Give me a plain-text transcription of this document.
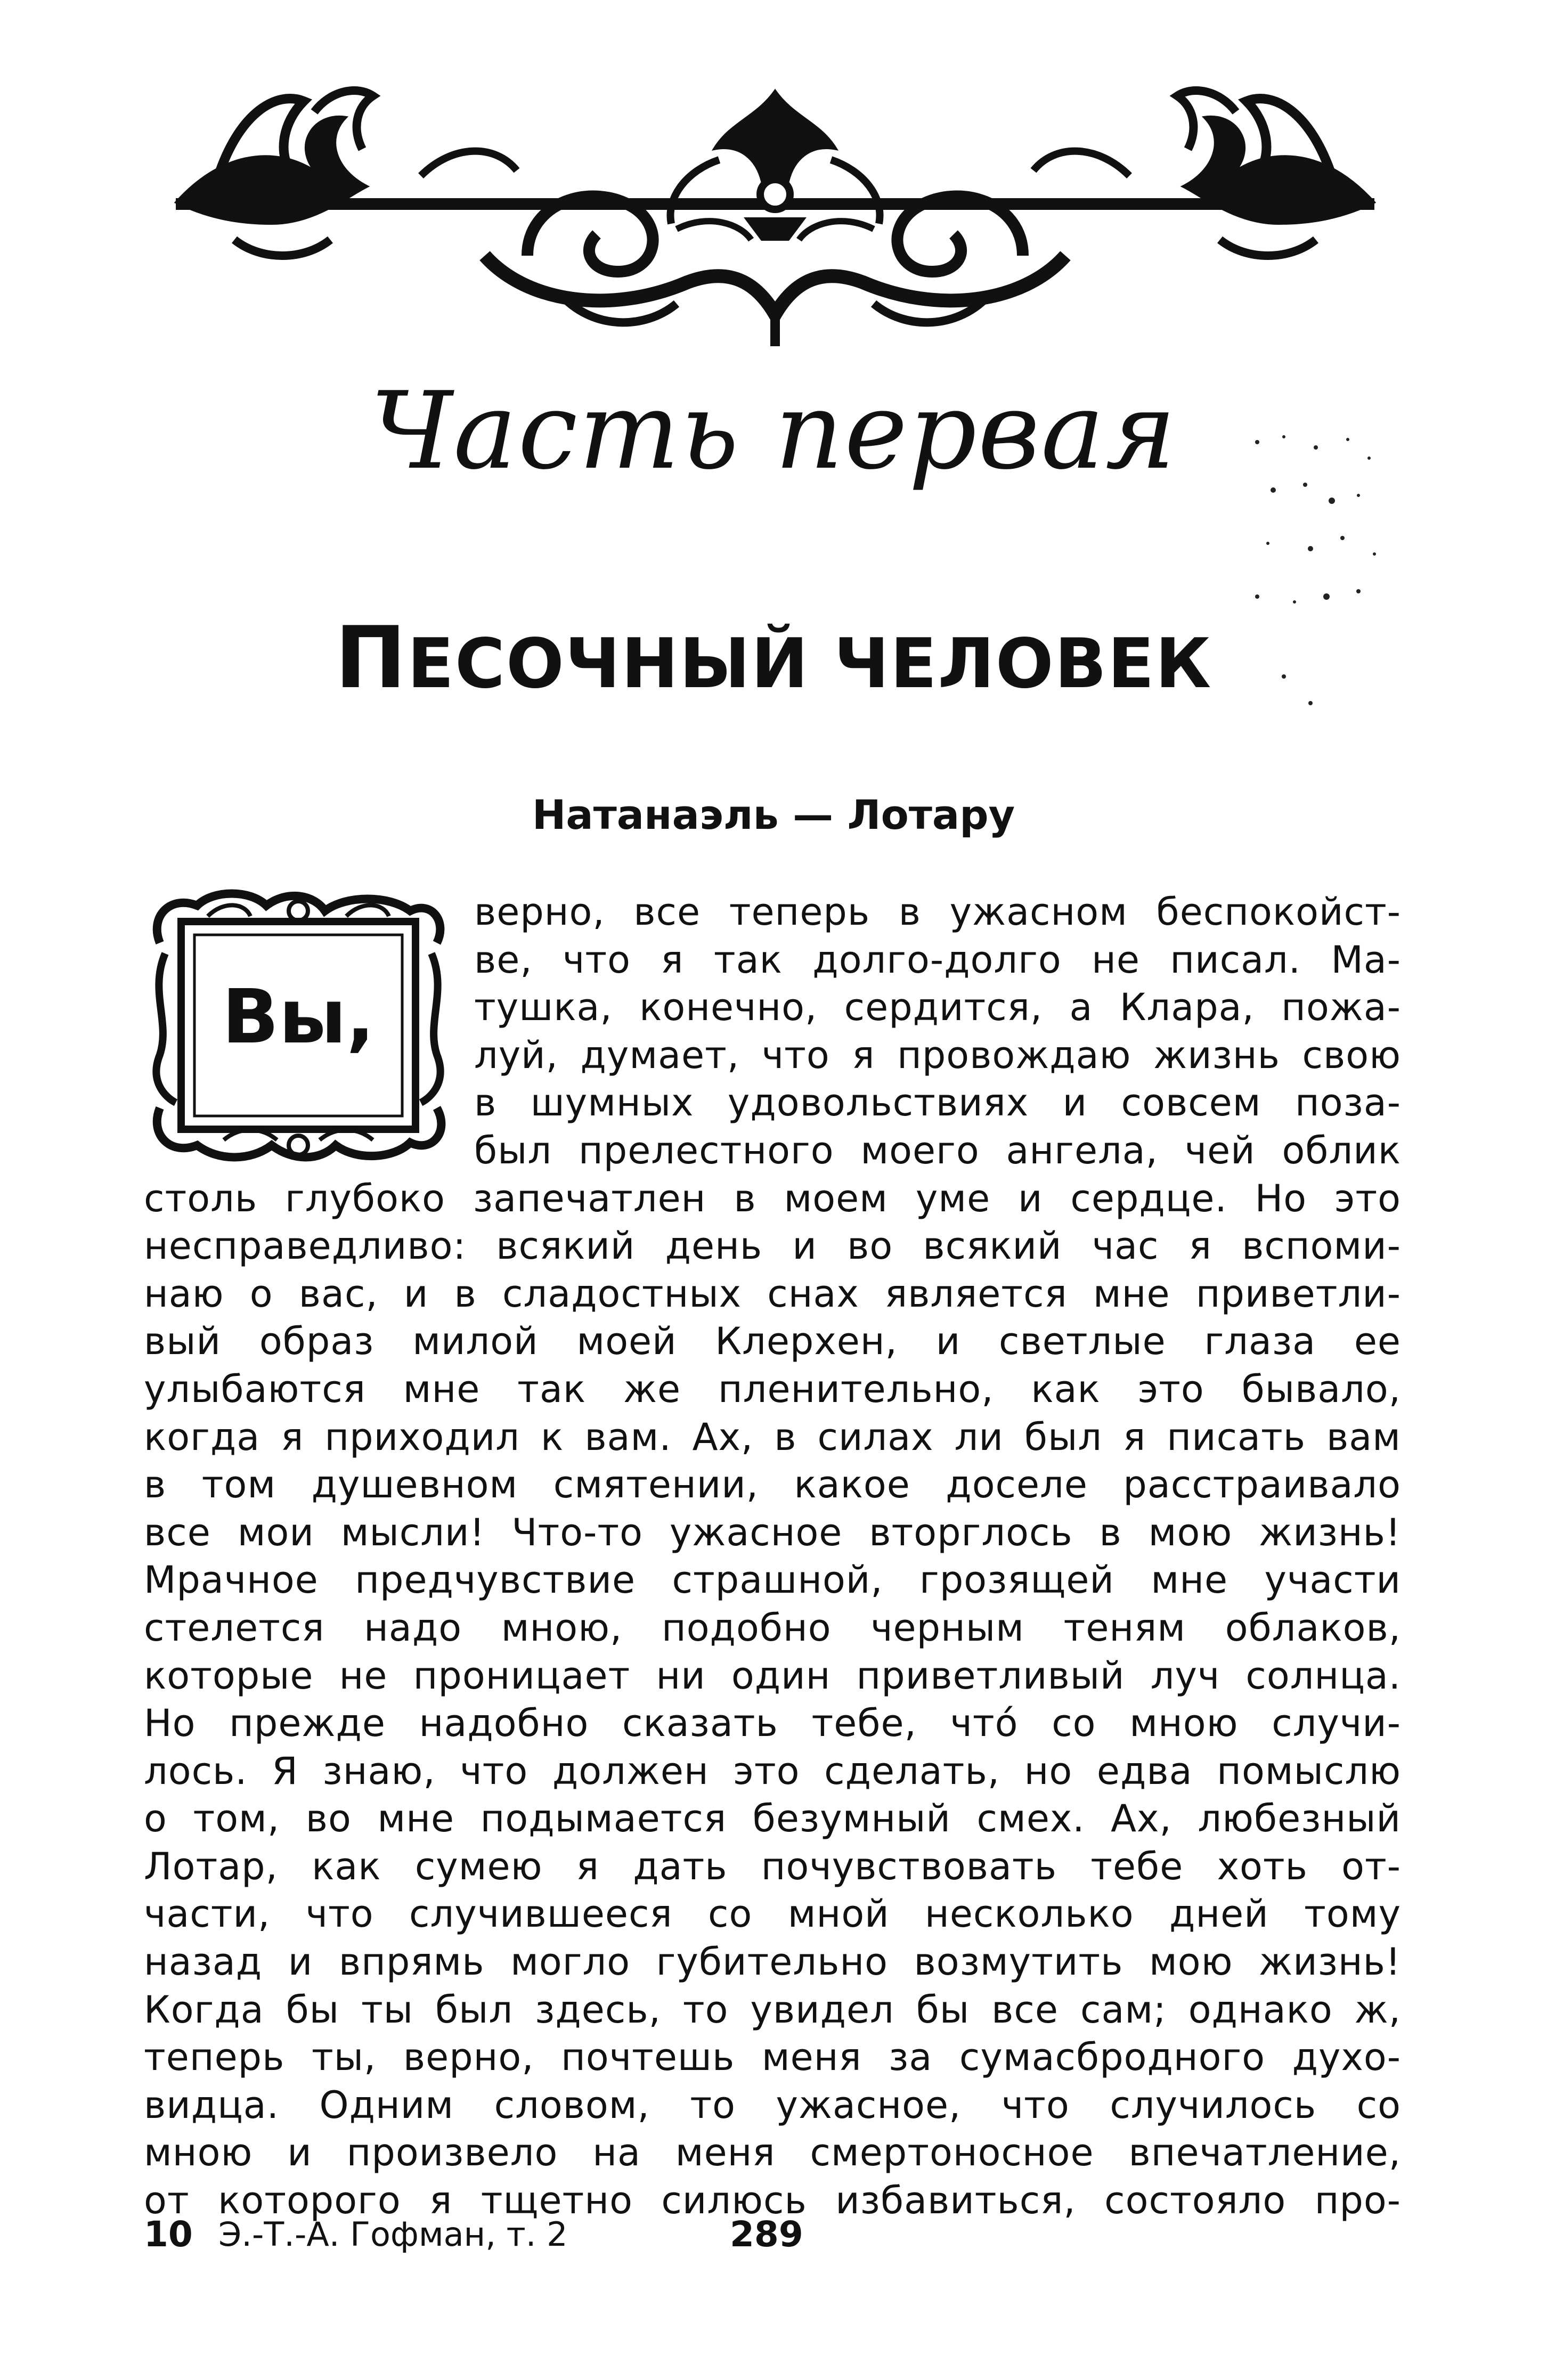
Часть первая
ПЕСОЧНЫЙ ЧЕЛОВЕК
Натанаэль — Лотару
Вы,
верно, все теперь в ужасном беспокойст-
ве, что я так долго-долго не писал. Ма-
тушка, конечно, сердится, а Клара, пожа-
луй, думает, что я провождаю жизнь свою
в шумных удовольствиях и совсем поза-
был прелестного моего ангела, чей облик
столь глубоко запечатлен в моем уме и сердце. Но это
несправедливо: всякий день и во всякий час я вспоми-
наю о вас, и в сладостных снах является мне приветли-
вый образ милой моей Клерхен, и светлые глаза ее
улыбаются мне так же пленительно, как это бывало,
когда я приходил к вам. Ах, в силах ли был я писать вам
в том душевном смятении, какое доселе расстраивало
все мои мысли! Что-то ужасное вторглось в мою жизнь!
Мрачное предчувствие страшной, грозящей мне участи
стелется надо мною, подобно черным теням облаков,
которые не проницает ни один приветливый луч солнца.
Но прежде надобно сказать тебе, что́ со мною случи-
лось. Я знаю, что должен это сделать, но едва помыслю
о том, во мне подымается безумный смех. Ах, любезный
Лотар, как сумею я дать почувствовать тебе хоть от-
части, что случившееся со мной несколько дней тому
назад и впрямь могло губительно возмутить мою жизнь!
Когда бы ты был здесь, то увидел бы все сам; однако ж,
теперь ты, верно, почтешь меня за сумасбродного духо-
видца. Одним словом, то ужасное, что случилось со
мною и произвело на меня смертоносное впечатление,
от которого я тщетно силюсь избавиться, состояло про-
10 Э.-Т.-А. Гофман, т. 2	289
